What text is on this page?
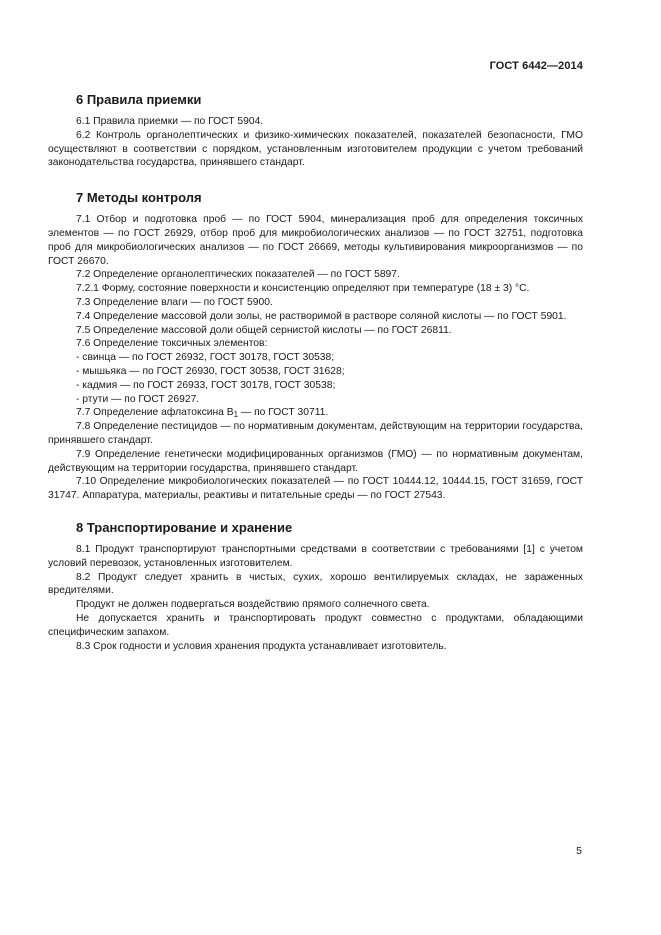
ГОСТ 6442—2014
6 Правила приемки

6.1 Правила приемки — по ГОСТ 5904.

6.2 Контроль органолептических и физико-химических показателей, показателей безопасности, ГМО осуществляют в соответствии с порядком, установленным изготовителем продукции с учетом требований законодательства государства, принявшего стандарт.

7 Методы контроля

7.1 Отбор и подготовка проб — по ГОСТ 5904, минерализация проб для определения токсичных элементов — по ГОСТ 26929, отбор проб для микробиологических анализов — по ГОСТ 32751, подготовка проб для микробиологических анализов — по ГОСТ 26669, методы культивирования микроорганизмов — по ГОСТ 26670.

7.2 Определение органолептических показателей — по ГОСТ 5897.

7.2.1 Форму, состояние поверхности и консистенцию определяют при температуре (18 ± 3) °С.

7.3 Определение влаги — по ГОСТ 5900.

7.4 Определение массовой доли золы, не растворимой в растворе соляной кислоты — по ГОСТ 5901.

7.5 Определение массовой доли общей сернистой кислоты — по ГОСТ 26811.

7.6 Определение токсичных элементов:

- свинца — по ГОСТ 26932, ГОСТ 30178, ГОСТ 30538;

- мышьяка — по ГОСТ 26930, ГОСТ 30538, ГОСТ 31628;

- кадмия — по ГОСТ 26933, ГОСТ 30178, ГОСТ 30538;

- ртути — по ГОСТ 26927.

7.7 Определение афлатоксина $В_1$ — по ГОСТ 30711.

7.8 Определение пестицидов — по нормативным документам, действующим на территории государства, принявшего стандарт.

7.9 Определение генетически модифицированных организмов (ГМО) — по нормативным документам, действующим на территории государства, принявшего стандарт.

7.10 Определение микробиологических показателей — по ГОСТ 10444.12, 10444.15, ГОСТ 31659, ГОСТ 31747. Аппаратура, материалы, реактивы и питательные среды — по ГОСТ 27543.

8 Транспортирование и хранение

8.1 Продукт транспортируют транспортными средствами в соответствии с требованиями [1] с учетом условий перевозок, установленных изготовителем.

8.2 Продукт следует хранить в чистых, сухих, хорошо вентилируемых складах, не зараженных вредителями.

Продукт не должен подвергаться воздействию прямого солнечного света.

Не допускается хранить и транспортировать продукт совместно с продуктами, обладающими специфическим запахом.

8.3 Срок годности и условия хранения продукта устанавливает изготовитель.

5
